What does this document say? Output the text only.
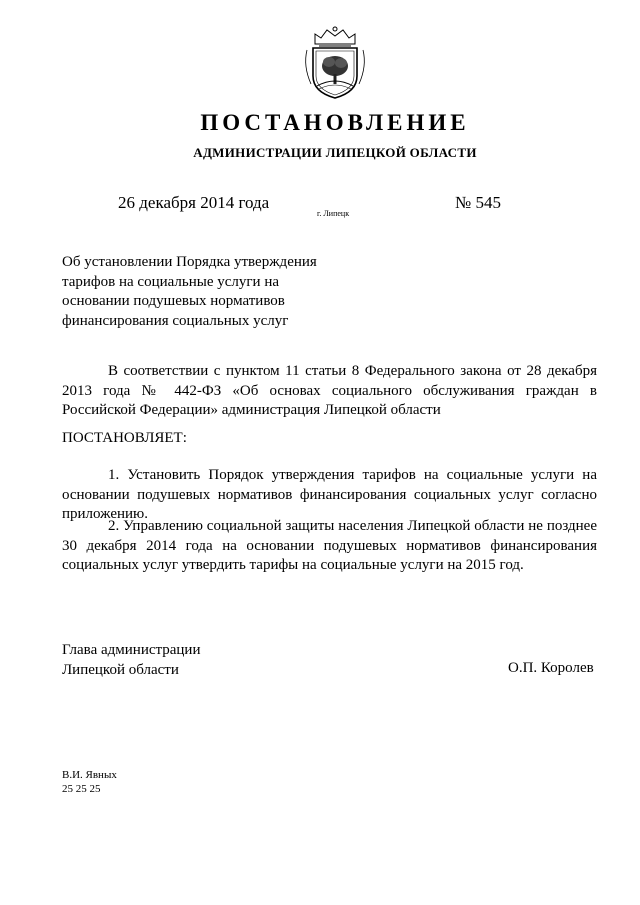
ПОСТАНОВЛЕНИЕ
АДМИНИСТРАЦИИ ЛИПЕЦКОЙ ОБЛАСТИ
26 декабря 2014 года
г. Липецк
№ 545
Об установлении Порядка утверждения
тарифов на социальные услуги на
основании подушевых нормативов
финансирования социальных услуг
В соответствии с пунктом 11 статьи 8 Федерального закона от 28 декабря 2013 года № 442-ФЗ «Об основах социального обслуживания граждан в Российской Федерации» администрация Липецкой области
ПОСТАНОВЛЯЕТ:
1. Установить Порядок утверждения тарифов на социальные услуги на основании подушевых нормативов финансирования социальных услуг согласно приложению.
2. Управлению социальной защиты населения Липецкой области не позднее 30 декабря 2014 года на основании подушевых нормативов финансирования социальных услуг утвердить тарифы на социальные услуги на 2015 год.
Глава администрации
Липецкой области	О.П. Королев
В.И. Явных
25 25 25
